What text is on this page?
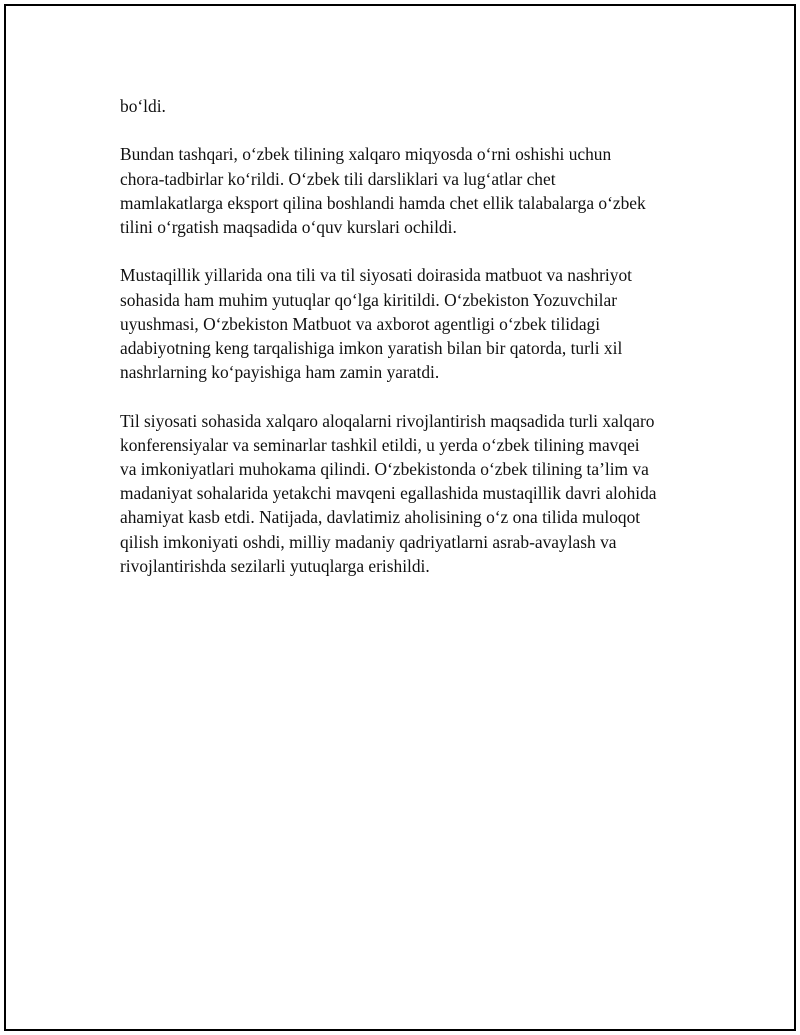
bo‘ldi.

Bundan tashqari, o‘zbek tilining xalqaro miqyosda o‘rni oshishi uchun
chora-tadbirlar ko‘rildi. O‘zbek tili darsliklari va lug‘atlar chet
mamlakatlarga eksport qilina boshlandi hamda chet ellik talabalarga o‘zbek
tilini o‘rgatish maqsadida o‘quv kurslari ochildi.

Mustaqillik yillarida ona tili va til siyosati doirasida matbuot va nashriyot
sohasida ham muhim yutuqlar qo‘lga kiritildi. O‘zbekiston Yozuvchilar
uyushmasi, O‘zbekiston Matbuot va axborot agentligi o‘zbek tilidagi
adabiyotning keng tarqalishiga imkon yaratish bilan bir qatorda, turli xil
nashrlarning ko‘payishiga ham zamin yaratdi.

Til siyosati sohasida xalqaro aloqalarni rivojlantirish maqsadida turli xalqaro
konferensiyalar va seminarlar tashkil etildi, u yerda o‘zbek tilining mavqei
va imkoniyatlari muhokama qilindi. O‘zbekistonda o‘zbek tilining ta’lim va
madaniyat sohalarida yetakchi mavqeni egallashida mustaqillik davri alohida
ahamiyat kasb etdi. Natijada, davlatimiz aholisining o‘z ona tilida muloqot
qilish imkoniyati oshdi, milliy madaniy qadriyatlarni asrab-avaylash va
rivojlantirishda sezilarli yutuqlarga erishildi.
